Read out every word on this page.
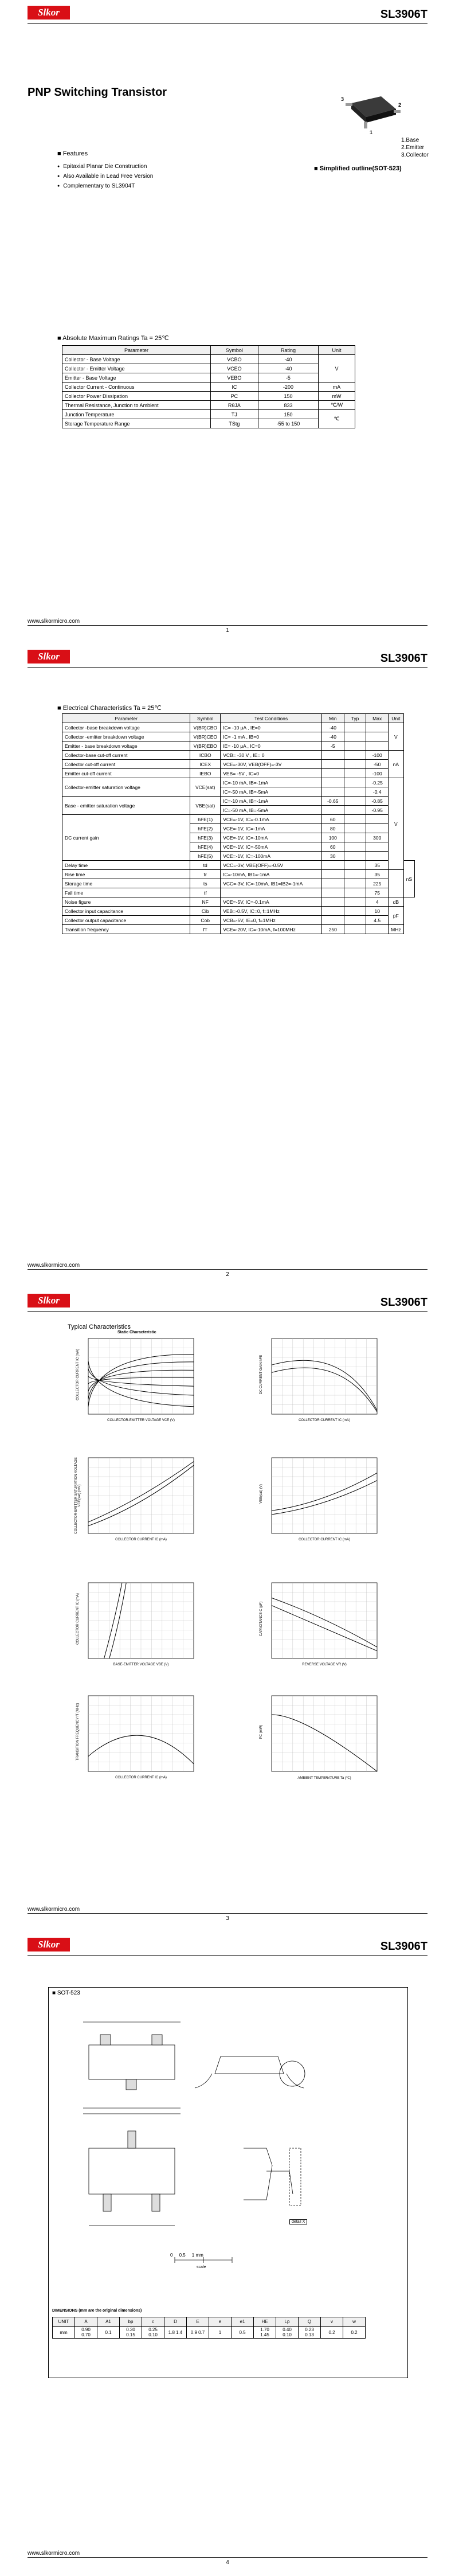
Slkor	SL3906T
PNP Switching Transistor
3
2
1
1.Base
2.Emitter
3.Collector
■ Simplified outline(SOT-523)
■ Features
● Epitaxial Planar Die Construction
● Also Available in Lead Free Version
● Complementary to SL3904T
■ Absolute Maximum Ratings Ta = 25℃
Parameter	Symbol	Rating	Unit
Collector - Base Voltage	VCBO	-40	V
Collector - Emitter Voltage	VCEO	-40	
Emitter - Base Voltage	VEBO	-5	
Collector Current - Continuous	IC	-200	mA
Collector Power Dissipation	PC	150	mW
Thermal Resistance, Junction to Ambient	RθJA	833	℃/W
Junction Temperature	TJ	150	℃
Storage Temperature Range	TStg	-55 to 150	
www.slkormicro.com
1
Slkor	SL3906T
■ Electrical Characteristics Ta = 25℃
Parameter	Symbol	Test Conditions	Min	Typ	Max	Unit	
Collector -base breakdown voltage	V(BR)CBO	IC= -10 μA , IE=0	-40			V	
Collector -emitter breakdown voltage	V(BR)CEO	IC= -1 mA , IB=0	-40				
Emitter - base breakdown voltage	V(BR)EBO	IE= -10 μA , IC=0	-5				
Collector-base cut-off current	ICBO	VCB= -30 V , IE= 0			-100	nA	
Collector cut-off current	ICEX	VCE=-30V, VEB(OFF)=-3V			-50		
Emitter cut-off current	IEBO	VEB= -5V , IC=0			-100		
Collector-emitter saturation voltage	VCE(sat)	IC=-10 mA, IB=-1mA			-0.25	V	
		IC=-50 mA, IB=-5mA			-0.4		
Base - emitter saturation voltage	VBE(sat)	IC=-10 mA, IB=-1mA	-0.65		-0.85		
		IC=-50 mA, IB=-5mA			-0.95		
DC current gain	hFE(1)	VCE=-1V, IC=-0.1mA	60				
	hFE(2)	VCE=-1V, IC=-1mA	80				
	hFE(3)	VCE=-1V, IC=-10mA	100		300		
	hFE(4)	VCE=-1V, IC=-50mA	60				
	hFE(5)	VCE=-1V, IC=-100mA	30				
Delay time	td	VCC=-3V, VBE(OFF)=-0.5V			35		nS
Rise time	tr	IC=-10mA, IB1=-1mA			35		
Storage time	ts	VCC=-3V, IC=-10mA, IB1=IB2=-1mA			225		
Fall time	tf				75		
Noise figure	NF	VCE=-5V, IC=-0.1mA			4	dB	
Collector input capacitance	Cib	VEB=-0.5V, IC=0, f=1MHz			10	pF	
Collector output capacitance	Cob	VCB=-5V, IE=0, f=1MHz			4.5		
Transition frequency	fT	VCE=-20V, IC=-10mA, f=100MHz	250			MHz	
www.slkormicro.com
2
Slkor	SL3906T
Typical Characteristics
Static Characteristic
COLLECTOR-EMITTER VOLTAGE VCE (V)
COLLECTOR CURRENT IC (mA)
COLLECTOR CURRENT IC (mA)
DC CURRENT GAIN hFE
COLLECTOR CURRENT IC (mA)
COLLECTOR-EMITTER SATURATION VOLTAGE VCE(sat) (mV)
COLLECTOR CURRENT IC (mA)
VBE(sat) (V)
BASE-EMITTER VOLTAGE VBE (V)
COLLECTOR CURRENT IC (mA)
REVERSE VOLTAGE VR (V)
CAPACITANCE C (pF)
COLLECTOR CURRENT IC (mA)
TRANSITION FREQUENCY fT (MHz)
AMBIENT TEMPERATURE Ta (℃)
PC (mW)
www.slkormicro.com
3
Slkor	SL3906T
■ SOT-523
detail X
0     0.5     1 mm
scale
DIMENSIONS (mm are the original dimensions)
UNIT	A	A1	bp	c	D	E	e	e1	HE	Lp	Q	v	w
mm	0.90 0.70	0.1	0.30 0.15	0.25 0.10	1.8 1.4	0.9 0.7	1	0.5	1.70 1.45	0.40 0.10	0.23 0.13	0.2	0.2
www.slkormicro.com
4
